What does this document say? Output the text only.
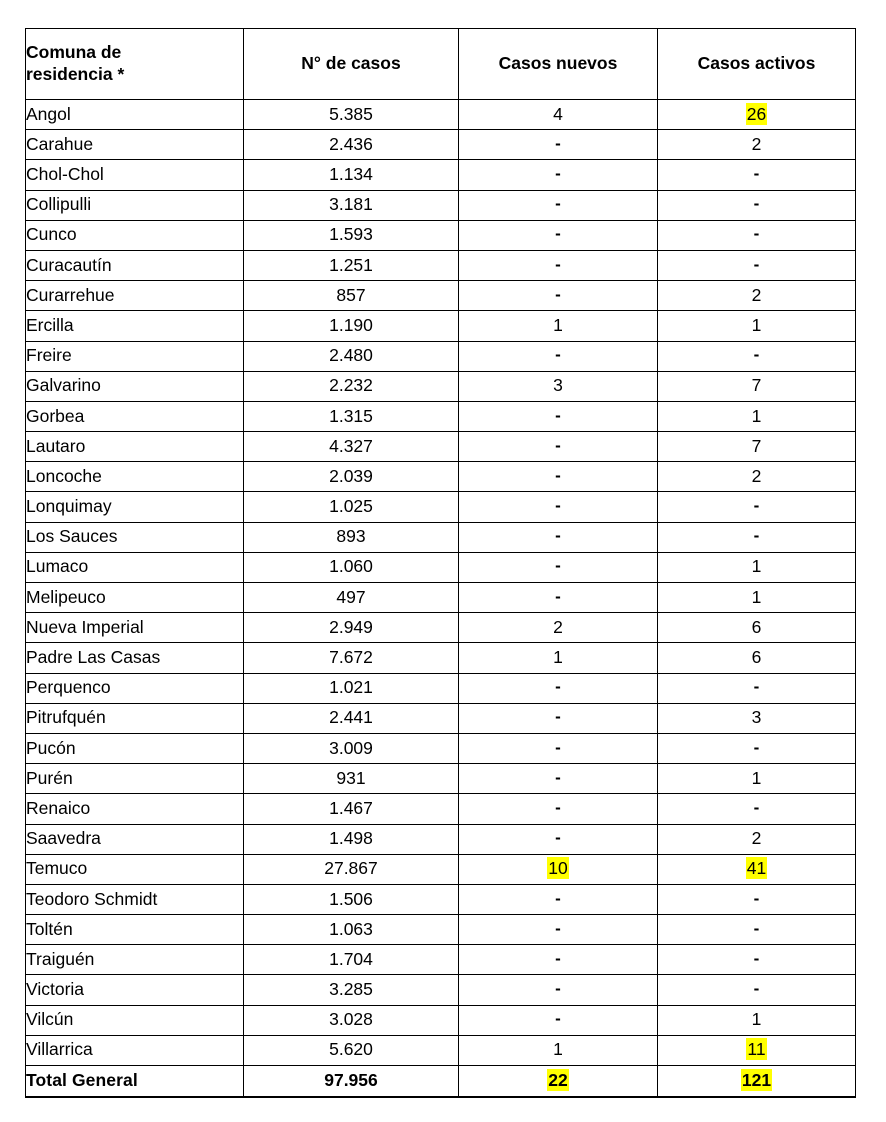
Comuna de
residencia *	N° de casos	Casos nuevos	Casos activos
Angol	5.385	4	26
Carahue	2.436	-	2
Chol-Chol	1.134	-	-
Collipulli	3.181	-	-
Cunco	1.593	-	-
Curacautín	1.251	-	-
Curarrehue	857	-	2
Ercilla	1.190	1	1
Freire	2.480	-	-
Galvarino	2.232	3	7
Gorbea	1.315	-	1
Lautaro	4.327	-	7
Loncoche	2.039	-	2
Lonquimay	1.025	-	-
Los Sauces	893	-	-
Lumaco	1.060	-	1
Melipeuco	497	-	1
Nueva Imperial	2.949	2	6
Padre Las Casas	7.672	1	6
Perquenco	1.021	-	-
Pitrufquén	2.441	-	3
Pucón	3.009	-	-
Purén	931	-	1
Renaico	1.467	-	-
Saavedra	1.498	-	2
Temuco	27.867	10	41
Teodoro Schmidt	1.506	-	-
Toltén	1.063	-	-
Traiguén	1.704	-	-
Victoria	3.285	-	-
Vilcún	3.028	-	1
Villarrica	5.620	1	11
Total General	97.956	22	121
